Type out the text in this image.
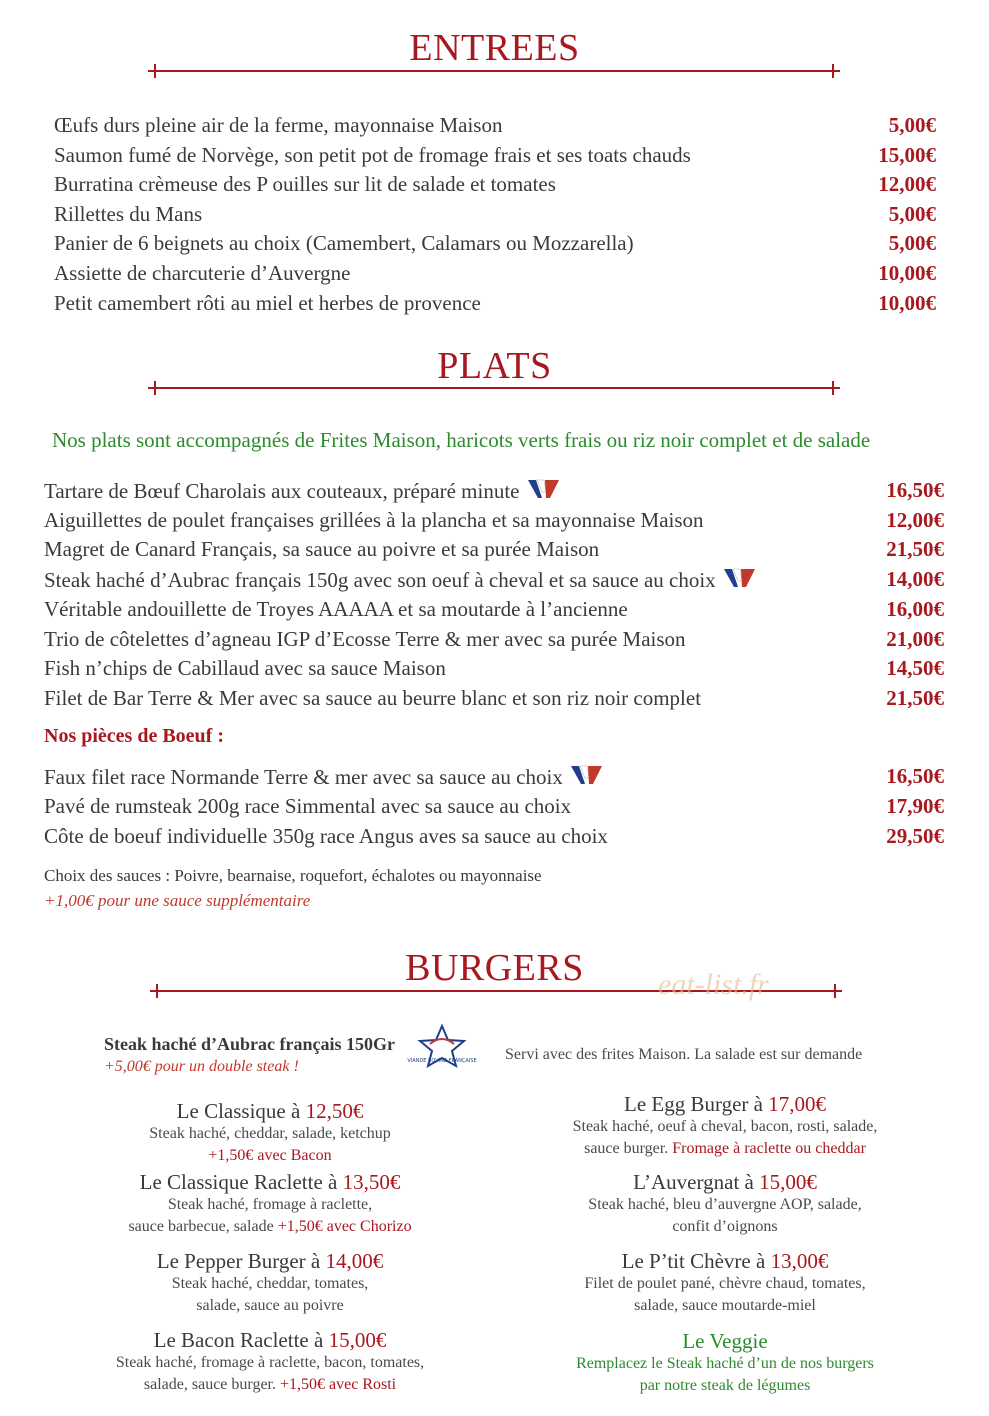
ENTREES
Œufs durs pleine air de la ferme, mayonnaise Maison	5,00€
Saumon fumé de Norvège, son petit pot de fromage frais et ses toats chauds	15,00€
Burratina crèmeuse des P ouilles sur lit de salade et tomates	12,00€
Rillettes du Mans	5,00€
Panier de 6 beignets au choix (Camembert, Calamars ou Mozzarella)	5,00€
Assiette de charcuterie d’Auvergne	10,00€
Petit camembert rôti au miel et herbes de provence	10,00€
PLATS
Nos plats sont accompagnés de Frites Maison, haricots verts frais ou riz noir complet et de salade
Tartare de Bœuf Charolais aux couteaux, préparé minute	16,50€
Aiguillettes de poulet françaises grillées à la plancha et sa mayonnaise Maison	12,00€
Magret de Canard Français, sa sauce au poivre et sa purée Maison	21,50€
Steak haché d’Aubrac français 150g avec son oeuf à cheval et sa sauce au choix	14,00€
Véritable andouillette de Troyes AAAAA et sa moutarde à l’ancienne	16,00€
Trio de côtelettes d’agneau IGP d’Ecosse Terre & mer avec sa purée Maison	21,00€
Fish n’chips de Cabillaud avec sa sauce Maison	14,50€
Filet de Bar Terre & Mer avec sa sauce au beurre blanc et son riz noir complet	21,50€
Nos pièces de Boeuf :
Faux filet race Normande Terre & mer avec sa sauce au choix	16,50€
Pavé de rumsteak 200g race Simmental avec sa sauce au choix	17,90€
Côte de boeuf individuelle 350g race Angus aves sa sauce au choix	29,50€
Choix des sauces : Poivre, bearnaise, roquefort, échalotes ou mayonnaise
+1,00€ pour une sauce supplémentaire
BURGERS	eat-list.fr
Steak haché d’Aubrac français 150Gr
+5,00€ pour un double steak !	VIANDE BOVINE FRANÇAISE Servi avec des frites Maison. La salade est sur demande
Le Classique à 12,50€
Steak haché, cheddar, salade, ketchup
+1,50€ avec Bacon
Le Classique Raclette à 13,50€
Steak haché, fromage à raclette,
sauce barbecue, salade +1,50€ avec Chorizo
Le Pepper Burger à 14,00€
Steak haché, cheddar, tomates,
salade, sauce au poivre
Le Bacon Raclette à 15,00€
Steak haché, fromage à raclette, bacon, tomates,
salade, sauce burger. +1,50€ avec Rosti
Le Egg Burger à 17,00€
Steak haché, oeuf à cheval, bacon, rosti, salade,
sauce burger. Fromage à raclette ou cheddar
L’Auvergnat à 15,00€
Steak haché, bleu d’auvergne AOP, salade,
confit d’oignons
Le P’tit Chèvre à 13,00€
Filet de poulet pané, chèvre chaud, tomates,
salade, sauce moutarde-miel
Le Veggie
Remplacez le Steak haché d’un de nos burgers
par notre steak de légumes
